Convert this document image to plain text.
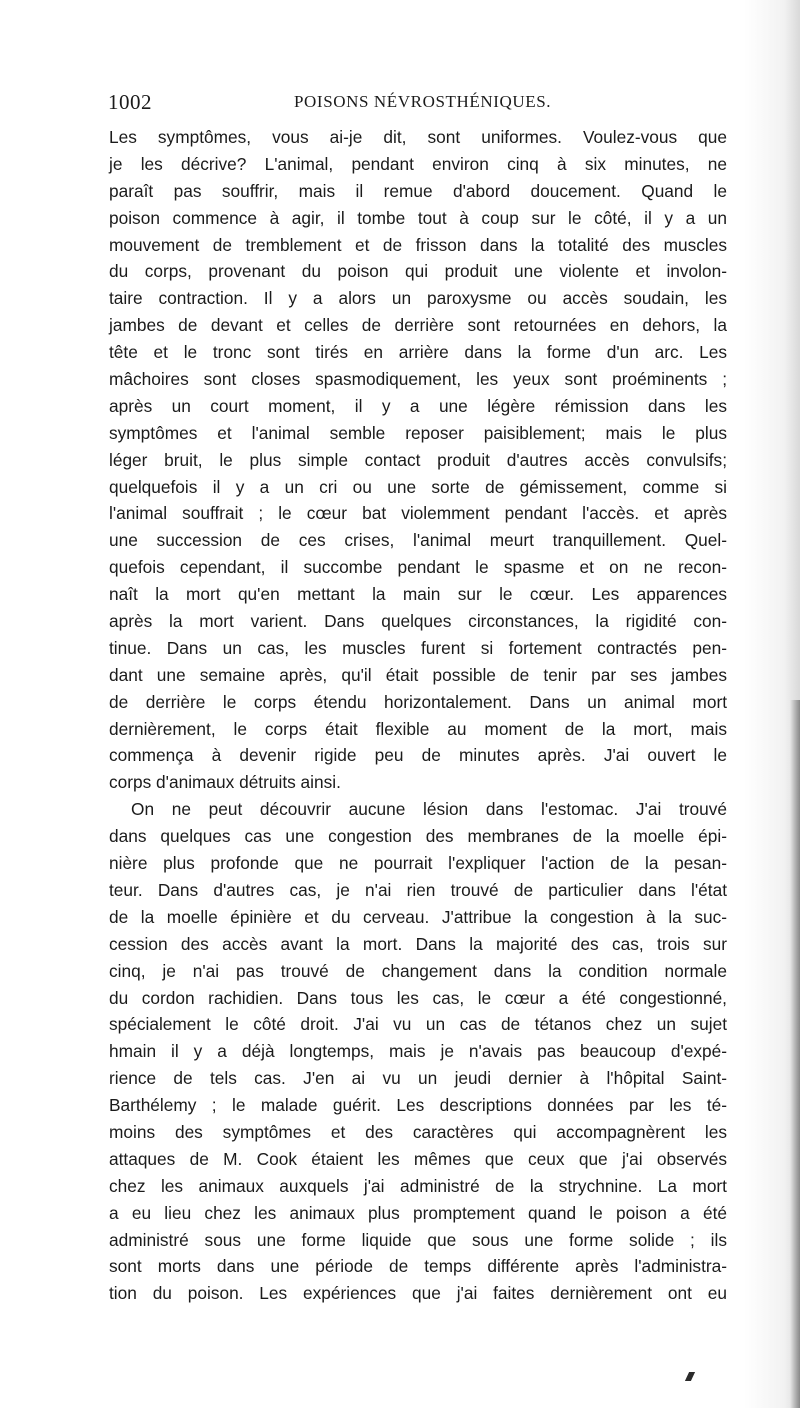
1002	POISONS NÉVROSTHÉNIQUES.
Les symptômes, vous ai-je dit, sont uniformes. Voulez-vous que
je les décrive? L'animal, pendant environ cinq à six minutes, ne
paraît pas souffrir, mais il remue d'abord doucement. Quand le
poison commence à agir, il tombe tout à coup sur le côté, il y a un
mouvement de tremblement et de frisson dans la totalité des muscles
du corps, provenant du poison qui produit une violente et involon-
taire contraction. Il y a alors un paroxysme ou accès soudain, les
jambes de devant et celles de derrière sont retournées en dehors, la
tête et le tronc sont tirés en arrière dans la forme d'un arc. Les
mâchoires sont closes spasmodiquement, les yeux sont proéminents ;
après un court moment, il y a une légère rémission dans les
symptômes et l'animal semble reposer paisiblement; mais le plus
léger bruit, le plus simple contact produit d'autres accès convulsifs;
quelquefois il y a un cri ou une sorte de gémissement, comme si
l'animal souffrait ; le cœur bat violemment pendant l'accès. et après
une succession de ces crises, l'animal meurt tranquillement. Quel-
quefois cependant, il succombe pendant le spasme et on ne recon-
naît la mort qu'en mettant la main sur le cœur. Les apparences
après la mort varient. Dans quelques circonstances, la rigidité con-
tinue. Dans un cas, les muscles furent si fortement contractés pen-
dant une semaine après, qu'il était possible de tenir par ses jambes
de derrière le corps étendu horizontalement. Dans un animal mort
dernièrement, le corps était flexible au moment de la mort, mais
commença à devenir rigide peu de minutes après. J'ai ouvert le
corps d'animaux détruits ainsi.
On ne peut découvrir aucune lésion dans l'estomac. J'ai trouvé
dans quelques cas une congestion des membranes de la moelle épi-
nière plus profonde que ne pourrait l'expliquer l'action de la pesan-
teur. Dans d'autres cas, je n'ai rien trouvé de particulier dans l'état
de la moelle épinière et du cerveau. J'attribue la congestion à la suc-
cession des accès avant la mort. Dans la majorité des cas, trois sur
cinq, je n'ai pas trouvé de changement dans la condition normale
du cordon rachidien. Dans tous les cas, le cœur a été congestionné,
spécialement le côté droit. J'ai vu un cas de tétanos chez un sujet
hmain il y a déjà longtemps, mais je n'avais pas beaucoup d'expé-
rience de tels cas. J'en ai vu un jeudi dernier à l'hôpital Saint-
Barthélemy ; le malade guérit. Les descriptions données par les té-
moins des symptômes et des caractères qui accompagnèrent les
attaques de M. Cook étaient les mêmes que ceux que j'ai observés
chez les animaux auxquels j'ai administré de la strychnine. La mort
a eu lieu chez les animaux plus promptement quand le poison a été
administré sous une forme liquide que sous une forme solide ; ils
sont morts dans une période de temps différente après l'administra-
tion du poison. Les expériences que j'ai faites dernièrement ont eu
